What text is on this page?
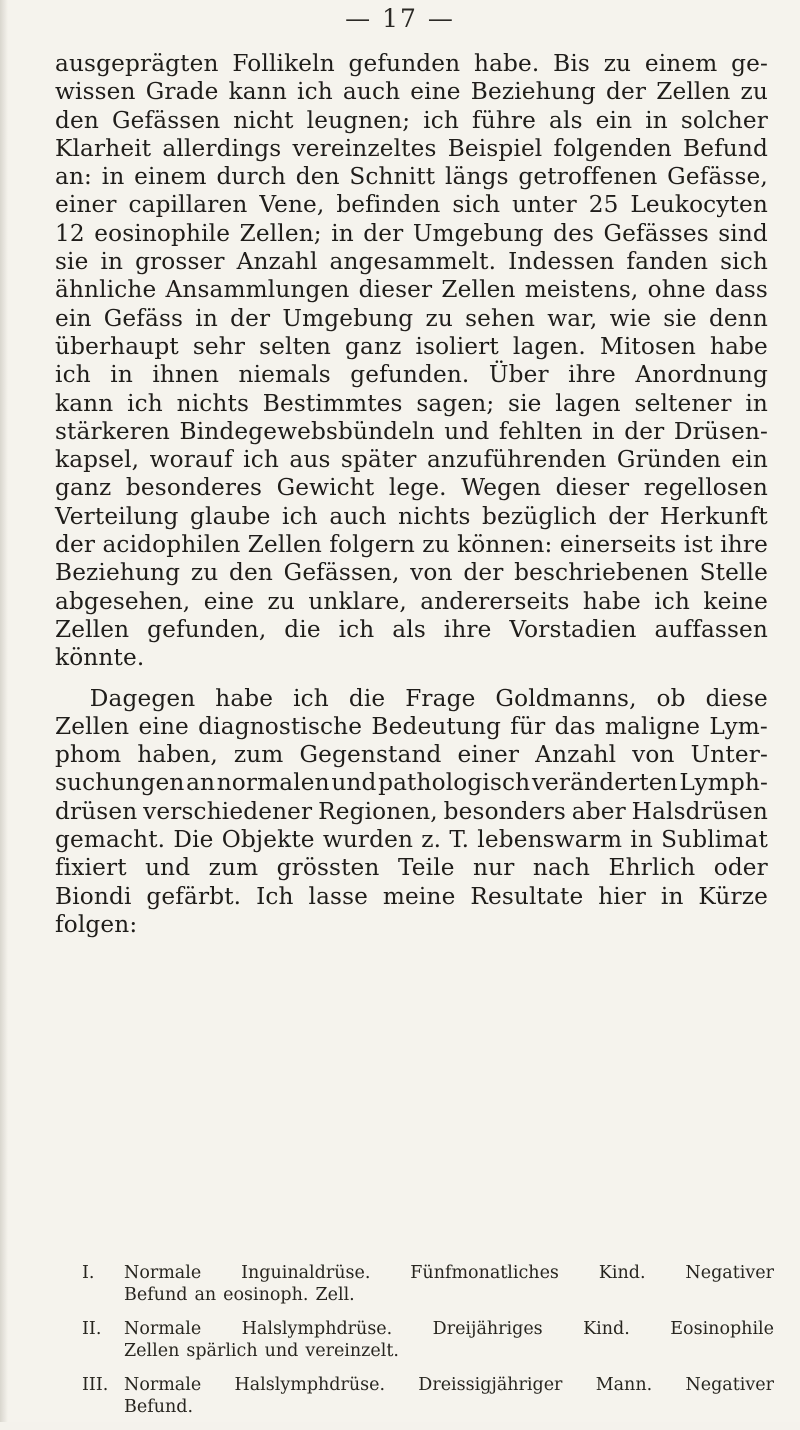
— 17 —
ausgeprägten Follikeln gefunden habe. Bis zu einem ge-
wissen Grade kann ich auch eine Beziehung der Zellen zu
den Gefässen nicht leugnen; ich führe als ein in solcher
Klarheit allerdings vereinzeltes Beispiel folgenden Befund
an: in einem durch den Schnitt längs getroffenen Gefässe,
einer capillaren Vene, befinden sich unter 25 Leukocyten
12 eosinophile Zellen; in der Umgebung des Gefässes sind
sie in grosser Anzahl angesammelt. Indessen fanden sich
ähnliche Ansammlungen dieser Zellen meistens, ohne dass
ein Gefäss in der Umgebung zu sehen war, wie sie denn
überhaupt sehr selten ganz isoliert lagen. Mitosen habe
ich in ihnen niemals gefunden. Über ihre Anordnung
kann ich nichts Bestimmtes sagen; sie lagen seltener in
stärkeren Bindegewebsbündeln und fehlten in der Drüsen-
kapsel, worauf ich aus später anzuführenden Gründen ein
ganz besonderes Gewicht lege. Wegen dieser regellosen
Verteilung glaube ich auch nichts bezüglich der Herkunft
der acidophilen Zellen folgern zu können: einerseits ist ihre
Beziehung zu den Gefässen, von der beschriebenen Stelle
abgesehen, eine zu unklare, andererseits habe ich keine
Zellen gefunden, die ich als ihre Vorstadien auffassen
könnte.
Dagegen habe ich die Frage Goldmanns, ob diese
Zellen eine diagnostische Bedeutung für das maligne Lym-
phom haben, zum Gegenstand einer Anzahl von Unter-
suchungen an normalen und pathologisch veränderten Lymph-
drüsen verschiedener Regionen, besonders aber Halsdrüsen
gemacht. Die Objekte wurden z. T. lebenswarm in Sublimat
fixiert und zum grössten Teile nur nach Ehrlich oder
Biondi gefärbt. Ich lasse meine Resultate hier in Kürze
folgen:
I. Normale Inguinaldrüse. Fünfmonatliches Kind. Negativer
Befund an eosinoph. Zell.
II. Normale Halslymphdrüse. Dreijähriges Kind. Eosinophile
Zellen spärlich und vereinzelt.
III. Normale Halslymphdrüse. Dreissigjähriger Mann. Negativer
Befund.
